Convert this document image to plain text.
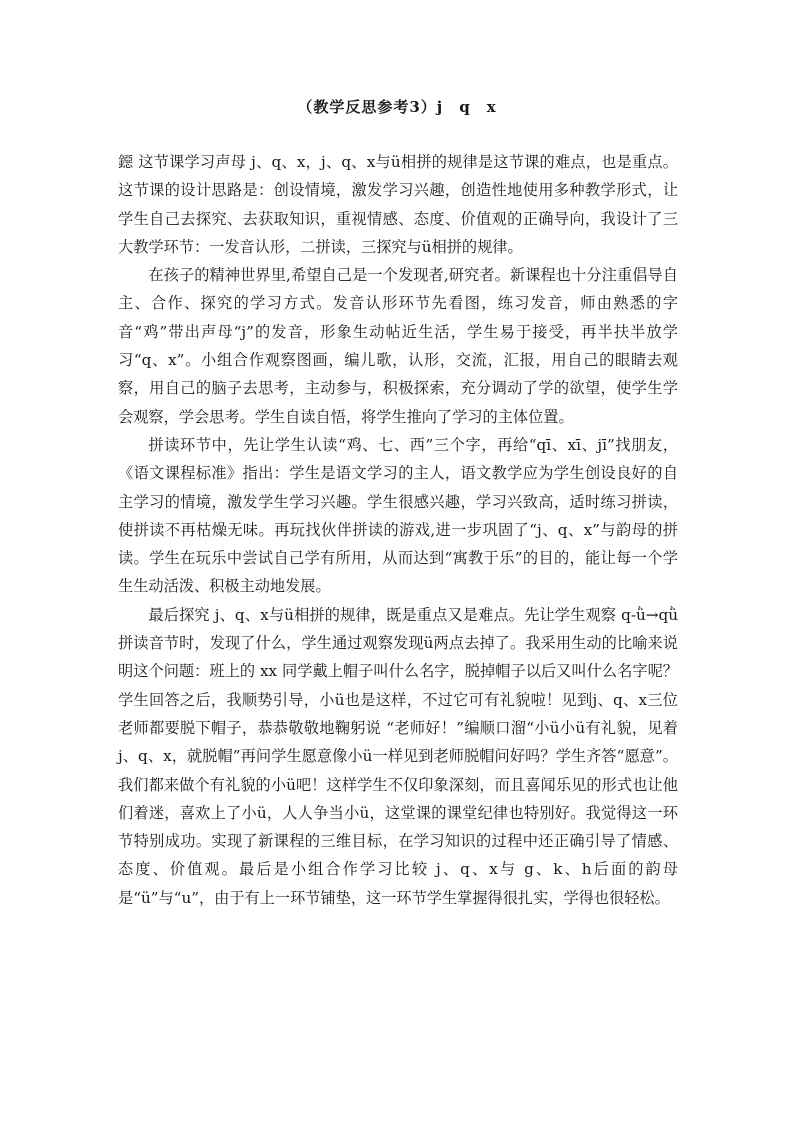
（教学反思参考3）j　q　x

鐚 这节课学习声母 j、q、x，j、q、x与ü相拼的规律是这节课的难点，也是重点。这节课的设计思路是：创设情境，激发学习兴趣，创造性地使用多种教学形式，让学生自己去探究、去获取知识，重视情感、态度、价值观的正确导向，我设计了三大教学环节：一发音认形，二拼读，三探究与ü相拼的规律。

在孩子的精神世界里,希望自己是一个发现者,研究者。新课程也十分注重倡导自主、合作、探究的学习方式。发音认形环节先看图，练习发音，师由熟悉的字音“鸡”带出声母“j”的发音，形象生动帖近生活，学生易于接受，再半扶半放学习“q、x”。小组合作观察图画，编儿歌，认形，交流，汇报，用自己的眼睛去观察，用自己的脑子去思考，主动参与，积极探索，充分调动了学的欲望，使学生学会观察，学会思考。学生自读自悟，将学生推向了学习的主体位置。

拼读环节中，先让学生认读“鸡、七、西”三个字，再给“qī、xī、jī”找朋友，《语文课程标准》指出：学生是语文学习的主人，语文教学应为学生创设良好的自主学习的情境，激发学生学习兴趣。学生很感兴趣，学习兴致高，适时练习拼读，使拼读不再枯燥无味。再玩找伙伴拼读的游戏,进一步巩固了“j、q、x”与韵母的拼读。学生在玩乐中尝试自己学有所用，从而达到“寓教于乐”的目的，能让每一个学生生动活泼、积极主动地发展。

最后探究 j、q、x与ü相拼的规律，既是重点又是难点。先让学生观察 q-ǜ→qǜ拼读音节时，发现了什么，学生通过观察发现ü两点去掉了。我采用生动的比喻来说明这个问题：班上的 xx 同学戴上帽子叫什么名字，脱掉帽子以后又叫什么名字呢？学生回答之后，我顺势引导，小ü也是这样，不过它可有礼貌啦！见到j、q、x三位老师都要脱下帽子，恭恭敬敬地鞠躬说 “老师好！”编顺口溜“小ü小ü有礼貌，见着 j、q、x，就脱帽”再问学生愿意像小ü一样见到老师脱帽问好吗？学生齐答“愿意”。我们都来做个有礼貌的小ü吧！这样学生不仅印象深刻，而且喜闻乐见的形式也让他们着迷，喜欢上了小ü，人人争当小ü，这堂课的课堂纪律也特别好。我觉得这一环节特别成功。实现了新课程的三维目标，在学习知识的过程中还正确引导了情感、态度、价值观。最后是小组合作学习比较 j、q、x与 g、k、h后面的韵母是“ü”与“u”，由于有上一环节铺垫，这一环节学生掌握得很扎实，学得也很轻松。
